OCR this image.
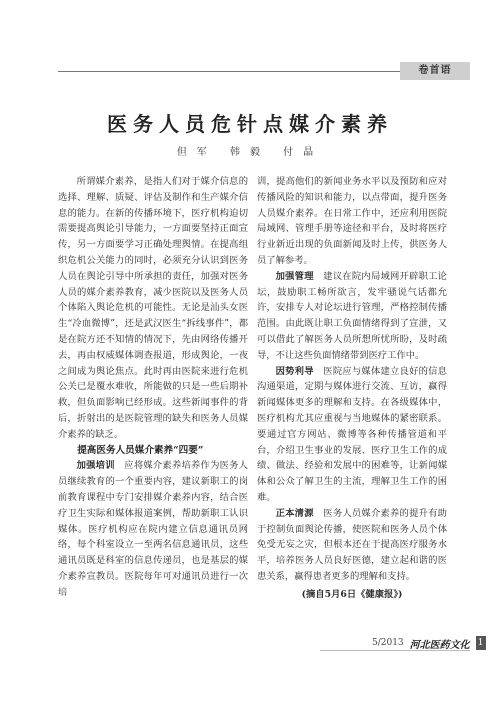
卷首语
医务人员危针点媒介素养
但军 韩毅 付晶

所谓媒介素养，是指人们对于媒介信息的选择、理解、质疑、评估及制作和生产媒介信息的能力。在新的传播环境下，医疗机构迫切需要提高舆论引导能力，一方面要坚持正面宣传，另一方面要学习正确处理舆情。在提高组织危机公关能力的同时，必须充分认识到医务人员在舆论引导中所承担的责任，加强对医务人员的媒介素养教育，减少医院以及医务人员个体陷入舆论危机的可能性。无论是汕头女医生“冷血微博”，还是武汉医生“拆线事件”，都是在院方还不知情的情况下，先由网络传播开去，再由权威媒体调查报道，形成舆论，一夜之间成为舆论焦点。此时再由医院来进行危机公关已是覆水难收，所能做的只是一些后期补救，但负面影响已经形成。这些新闻事件的背后，折射出的是医院管理的缺失和医务人员媒介素养的缺乏。

提高医务人员媒介素养“四要”

加强培训　 应将媒介素养培养作为医务人员继续教育的一个重要内容，建议新职工的岗前教育课程中专门安排媒介素养内容，结合医疗卫生实际和媒体报道案例，帮助新职工认识媒体。医疗机构应在院内建立信息通讯员网络，每个科室设立一至两名信息通讯员，这些通讯员既是科室的信息传递员，也是基层的媒介素养宣教员。医院每年可对通讯员进行一次培

训，提高他们的新闻业务水平以及预防和应对传播风险的知识和能力，以点带面，提升医务人员媒介素养。在日常工作中，还应利用医院局域网、管理手册等途径和平台，及时将医疗行业新近出现的负面新闻及时上传，供医务人员了解参考。

加强管理　 建议在院内局域网开辟职工论坛，鼓励职工畅所欲言，发牢骚说气话都允许，安排专人对论坛进行管理，严格控制传播范围。由此既让职工负面情绪得到了宣泄，又可以借此了解医务人员所想所忧所盼，及时疏导，不让这些负面情绪带到医疗工作中。

因势利导　 医院应与媒体建立良好的信息沟通渠道，定期与媒体进行交流、互访，赢得新闻媒体更多的理解和支持。在各级媒体中，医疗机构尤其应重视与当地媒体的紧密联系。要通过官方网站、微博等各种传播管道和平台，介绍卫生事业的发展、医疗卫生工作的成绩、做法、经验和发展中的困难等，让新闻媒体和公众了解卫生的主流，理解卫生工作的困难。

正本清源　 医务人员媒介素养的提升有助于控制负面舆论传播，使医院和医务人员个体免受无妄之灾，但根本还在于提高医疗服务水平，培养医务人员良好医德，建立起和谐的医患关系，赢得患者更多的理解和支持。

(摘自5月6日《健康报》)
5/2013 河北医药文化 1
